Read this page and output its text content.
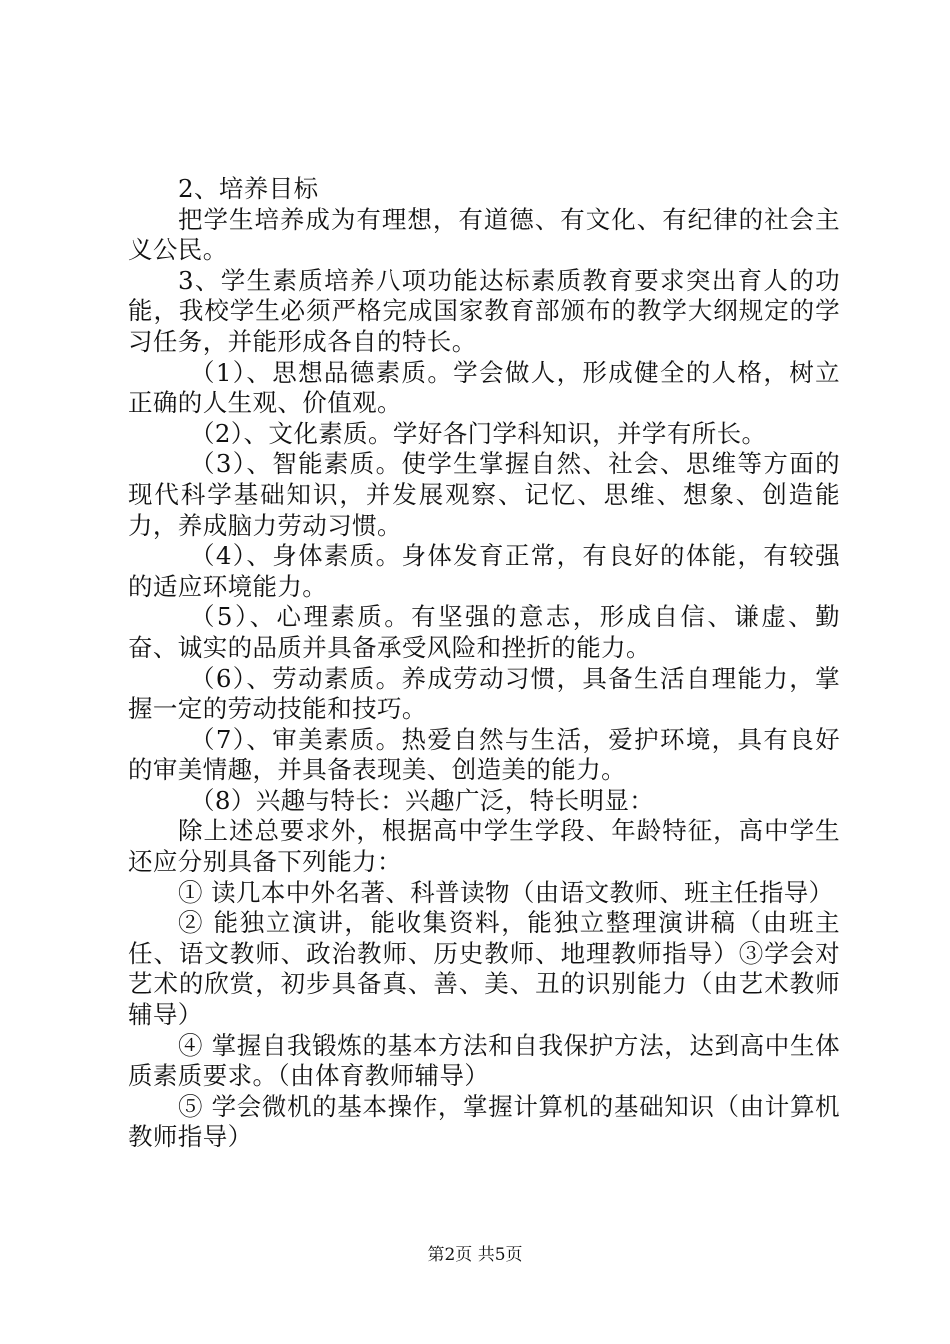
2、培养目标

把学生培养成为有理想，有道德、有文化、有纪律的社会主义公民。

3、学生素质培养八项功能达标素质教育要求突出育人的功能，我校学生必须严格完成国家教育部颁布的教学大纲规定的学习任务，并能形成各自的特长。

（1）、思想品德素质。学会做人，形成健全的人格，树立正确的人生观、价值观。

（2）、文化素质。学好各门学科知识，并学有所长。

（3）、智能素质。使学生掌握自然、社会、思维等方面的现代科学基础知识，并发展观察、记忆、思维、想象、创造能力，养成脑力劳动习惯。

（4）、身体素质。身体发育正常，有良好的体能，有较强的适应环境能力。

（5）、心理素质。有坚强的意志，形成自信、谦虚、勤奋、诚实的品质并具备承受风险和挫折的能力。

（6）、劳动素质。养成劳动习惯，具备生活自理能力，掌握一定的劳动技能和技巧。

（7）、审美素质。热爱自然与生活，爱护环境，具有良好的审美情趣，并具备表现美、创造美的能力。

（8）兴趣与特长：兴趣广泛，特长明显：

除上述总要求外，根据高中学生学段、年龄特征，高中学生还应分别具备下列能力：

① 读几本中外名著、科普读物（由语文教师、班主任指导）

② 能独立演讲，能收集资料，能独立整理演讲稿（由班主任、语文教师、政治教师、历史教师、地理教师指导）③学会对艺术的欣赏，初步具备真、善、美、丑的识别能力（由艺术教师辅导）

④ 掌握自我锻炼的基本方法和自我保护方法，达到高中生体质素质要求。（由体育教师辅导）

⑤ 学会微机的基本操作，掌握计算机的基础知识（由计算机教师指导）

第2页 共5页
